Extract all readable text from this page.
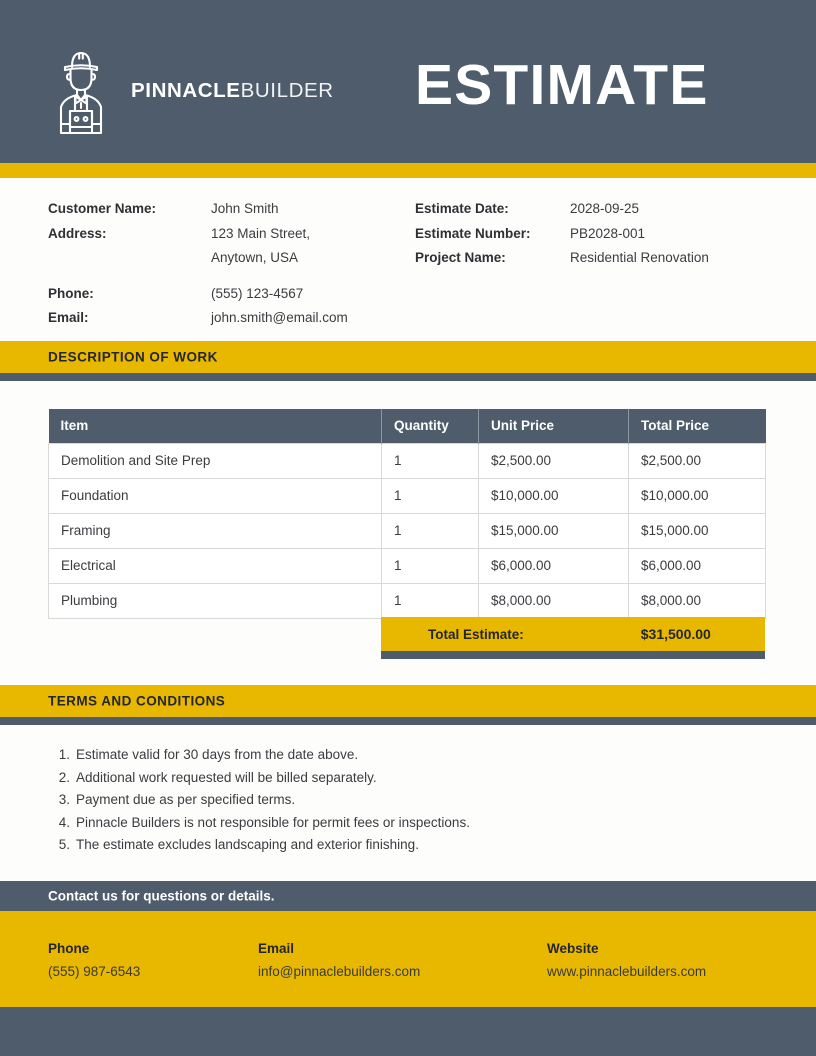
PINNACLEBUILDER ESTIMATE
Customer Name:	John Smith
Address:	123 Main Street,
Anytown, USA
Phone:	(555) 123-4567
Email:	john.smith@email.com
Estimate Date:	2028-09-25
Estimate Number:	PB2028-001
Project Name:	Residential Renovation
DESCRIPTION OF WORK
Item	Quantity	Unit Price	Total Price
Demolition and Site Prep	1	$2,500.00	$2,500.00
Foundation	1	$10,000.00	$10,000.00
Framing	1	$15,000.00	$15,000.00
Electrical	1	$6,000.00	$6,000.00
Plumbing	1	$8,000.00	$8,000.00
Total Estimate:	$31,500.00
TERMS AND CONDITIONS
1. Estimate valid for 30 days from the date above.
2. Additional work requested will be billed separately.
3. Payment due as per specified terms.
4. Pinnacle Builders is not responsible for permit fees or inspections.
5. The estimate excludes landscaping and exterior finishing.
Contact us for questions or details.
Phone
(555) 987-6543
Email
info@pinnaclebuilders.com
Website
www.pinnaclebuilders.com
